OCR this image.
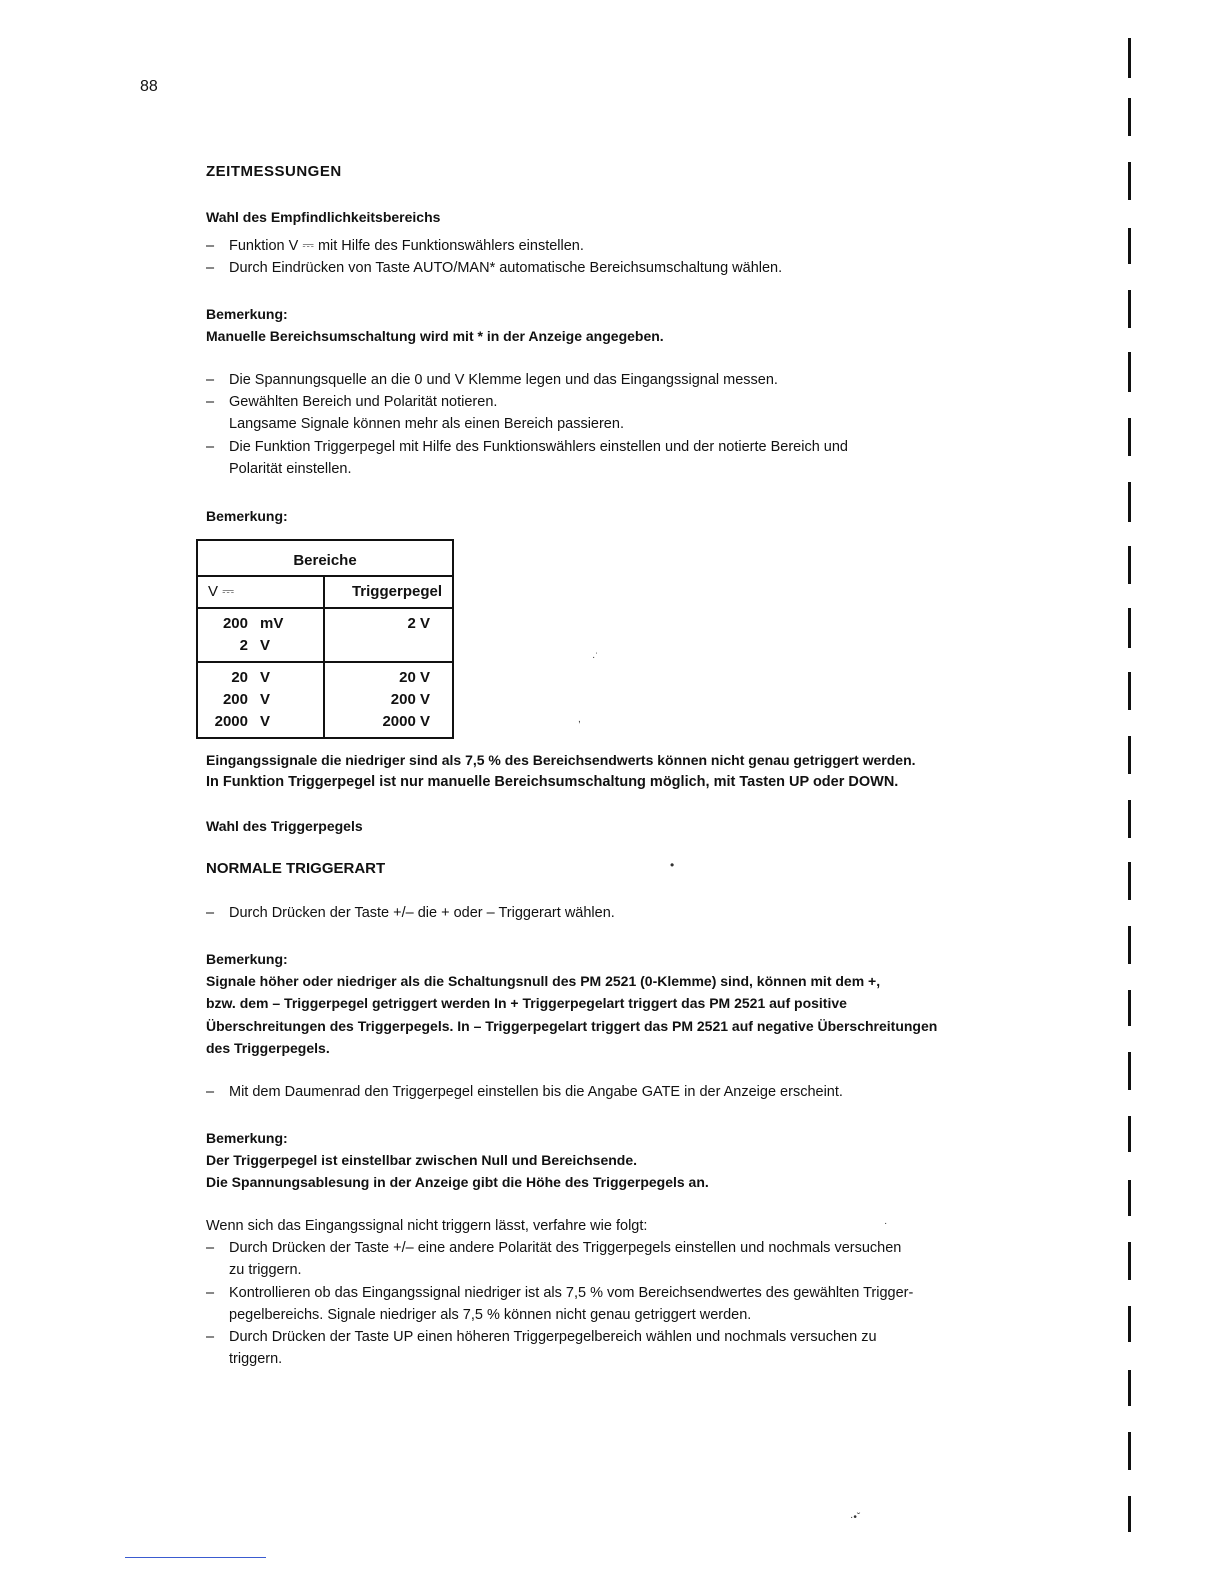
88
ZEITMESSUNGEN
Wahl des Empfindlichkeitsbereichs
– Funktion V ⎓ mit Hilfe des Funktionswählers einstellen.
– Durch Eindrücken von Taste AUTO/MAN* automatische Bereichsumschaltung wählen.
Bemerkung:
Manuelle Bereichsumschaltung wird mit * in der Anzeige angegeben.
– Die Spannungsquelle an die 0 und V Klemme legen und das Eingangssignal messen.
– Gewählten Bereich und Polarität notieren.
Langsame Signale können mehr als einen Bereich passieren.
– Die Funktion Triggerpegel mit Hilfe des Funktionswählers einstellen und der notierte Bereich und
Polarität einstellen.
Bemerkung:
Eingangssignale die niedriger sind als 7,5 % des Bereichsendwerts können nicht genau getriggert werden.
In Funktion Triggerpegel ist nur manuelle Bereichsumschaltung möglich, mit Tasten UP oder DOWN.
Wahl des Triggerpegels
NORMALE TRIGGERART
– Durch Drücken der Taste +/– die + oder – Triggerart wählen.
Bemerkung:
Signale höher oder niedriger als die Schaltungsnull des PM 2521 (0-Klemme) sind, können mit dem +,
bzw. dem – Triggerpegel getriggert werden In + Triggerpegelart triggert das PM 2521 auf positive
Überschreitungen des Triggerpegels. In – Triggerpegelart triggert das PM 2521 auf negative Überschreitungen
des Triggerpegels.
– Mit dem Daumenrad den Triggerpegel einstellen bis die Angabe GATE in der Anzeige erscheint.
Bemerkung:
Der Triggerpegel ist einstellbar zwischen Null und Bereichsende.
Die Spannungsablesung in der Anzeige gibt die Höhe des Triggerpegels an.
Wenn sich das Eingangssignal nicht triggern lässt, verfahre wie folgt:
– Durch Drücken der Taste +/– eine andere Polarität des Triggerpegels einstellen und nochmals versuchen
zu triggern.
– Kontrollieren ob das Eingangssignal niedriger ist als 7,5 % vom Bereichsendwertes des gewählten Trigger-
pegelbereichs. Signale niedriger als 7,5 % können nicht genau getriggert werden.
– Durch Drücken der Taste UP einen höheren Triggerpegelbereich wählen und nochmals versuchen zu
triggern.
Bereiche
V ⎓	Triggerpegel
200 mV
2 V
2 V
20 V
200 V
2000 V
20 V
200 V
2000 V
·˙
,
•
·
·•ˇ
